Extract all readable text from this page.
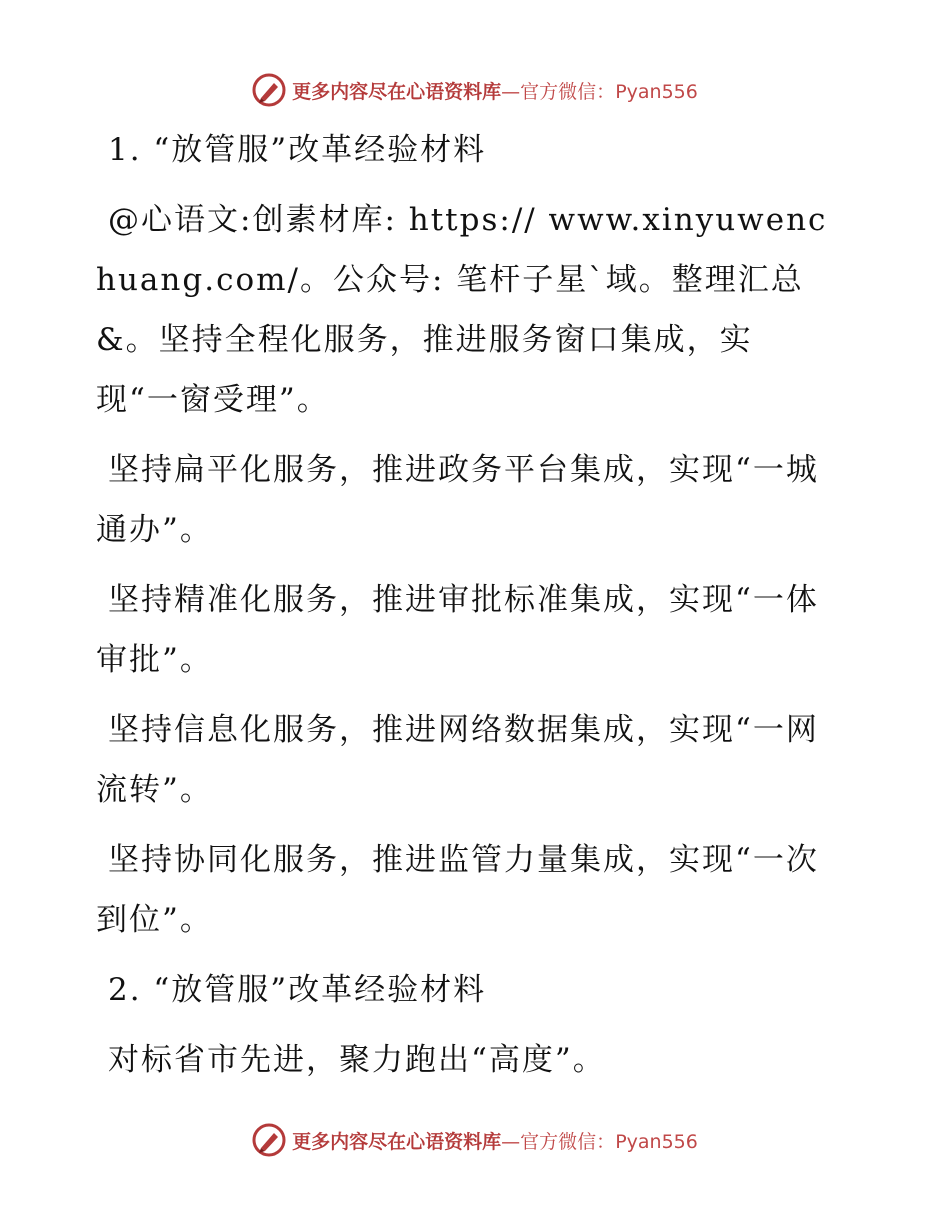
更多内容尽在心语资料库—官方微信：Pyan556

1. “放管服”改革经验材料

@心语文:创素材库: https:// www.xinyuwenchuang.com/。公众号: 笔杆子星`域。整理汇总&。坚持全程化服务，推进服务窗口集成，实现“一窗受理”。

坚持扁平化服务，推进政务平台集成，实现“一城通办”。

坚持精准化服务，推进审批标准集成，实现“一体审批”。

坚持信息化服务，推进网络数据集成，实现“一网流转”。

坚持协同化服务，推进监管力量集成，实现“一次到位”。

2. “放管服”改革经验材料

对标省市先进，聚力跑出“高度”。

更多内容尽在心语资料库—官方微信：Pyan556
